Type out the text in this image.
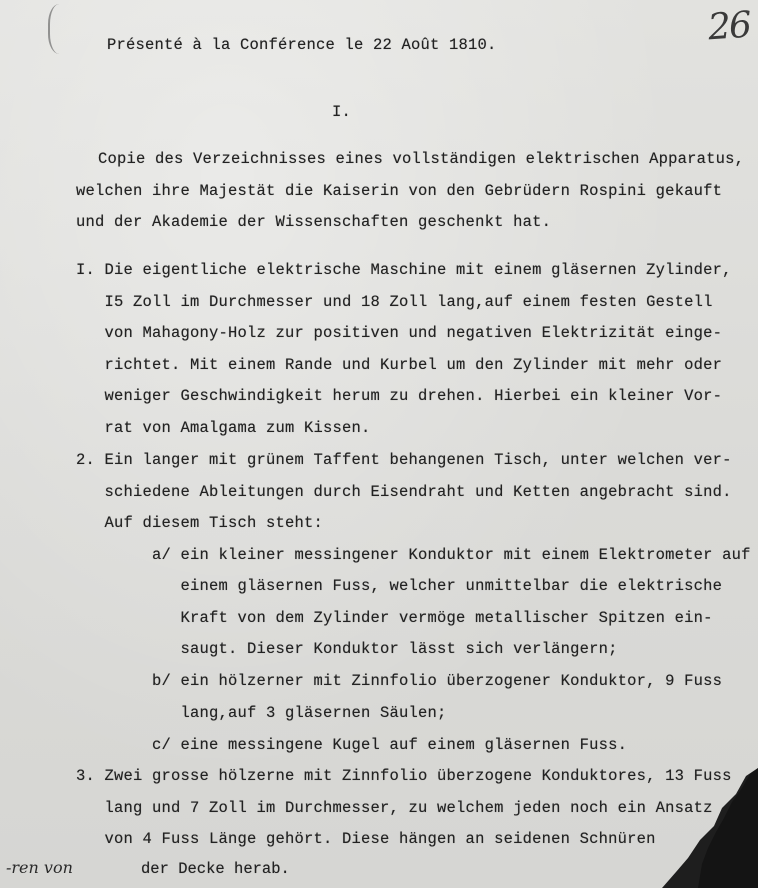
26
Présenté à la Conférence le 22 Août 1810.
I.
Copie des Verzeichnisses eines vollständigen elektrischen Apparatus,
welchen ihre Majestät die Kaiserin von den Gebrüdern Rospini gekauft
und der Akademie der Wissenschaften geschenkt hat.
I. Die eigentliche elektrische Maschine mit einem gläsernen Zylinder,
I5 Zoll im Durchmesser und 18 Zoll lang,auf einem festen Gestell
von Mahagony-Holz zur positiven und negativen Elektrizität einge-
richtet. Mit einem Rande und Kurbel um den Zylinder mit mehr oder
weniger Geschwindigkeit herum zu drehen. Hierbei ein kleiner Vor-
rat von Amalgama zum Kissen.
2. Ein langer mit grünem Taffent behangenen Tisch, unter welchen ver-
schiedene Ableitungen durch Eisendraht und Ketten angebracht sind.
Auf diesem Tisch steht:
a/ ein kleiner messingener Konduktor mit einem Elektrometer auf
einem gläsernen Fuss, welcher unmittelbar die elektrische
Kraft von dem Zylinder vermöge metallischer Spitzen ein-
saugt. Dieser Konduktor lässt sich verlängern;
b/ ein hölzerner mit Zinnfolio überzogener Konduktor, 9 Fuss
lang,auf 3 gläsernen Säulen;
c/ eine messingene Kugel auf einem gläsernen Fuss.
3. Zwei grosse hölzerne mit Zinnfolio überzogene Konduktores, 13 Fuss
lang und 7 Zoll im Durchmesser, zu welchem jeden noch ein Ansatz
von 4 Fuss Länge gehört. Diese hängen an seidenen Schnüren
-ren von	der Decke herab.
